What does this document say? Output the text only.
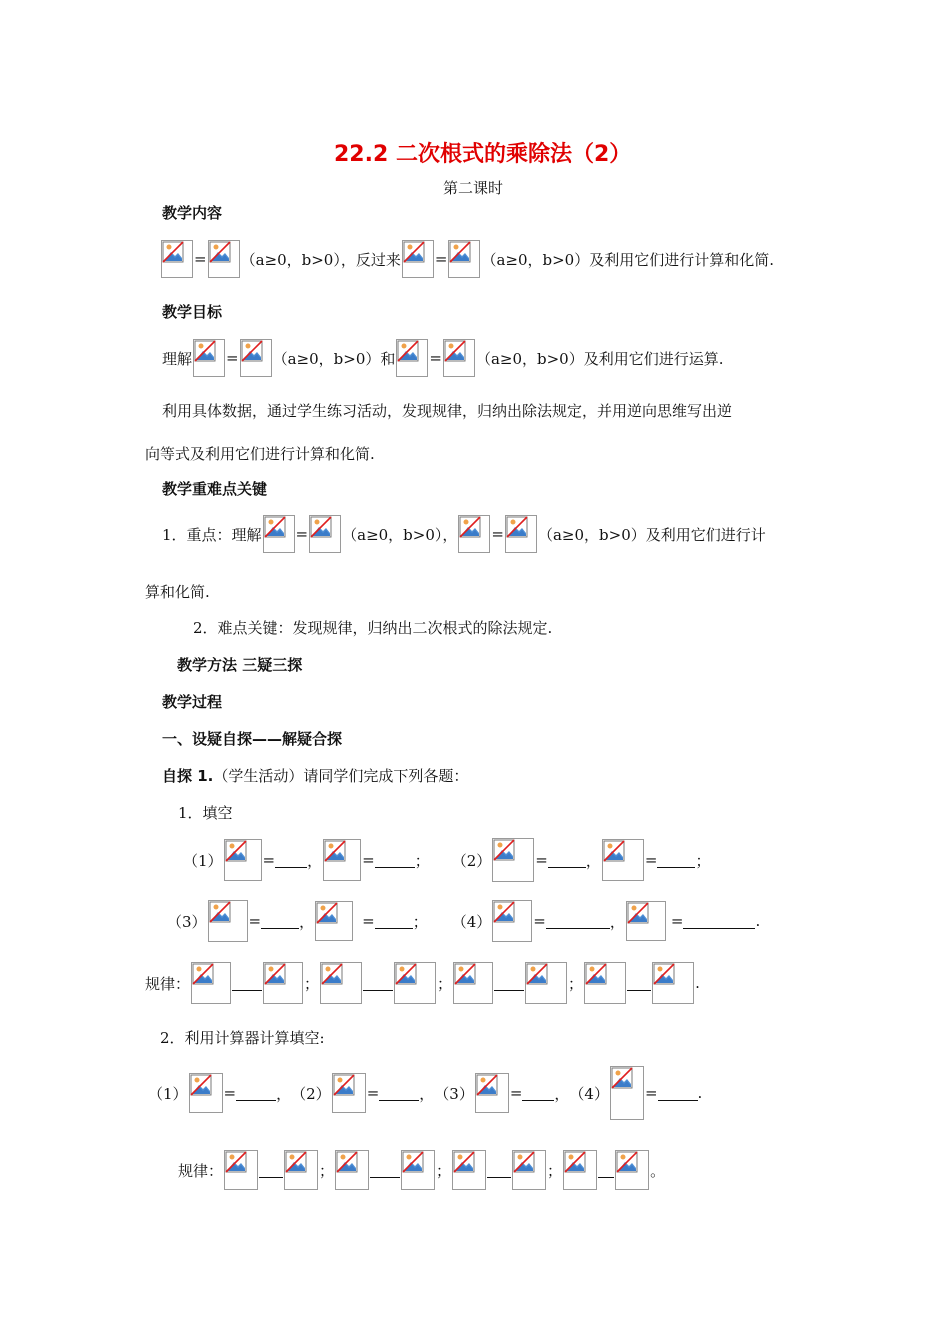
22.2 二次根式的乘除法（2）
第二课时
教学内容
= （a≥0，b>0），反过来 = （a≥0，b>0）及利用它们进行计算和化简.
教学目标
理解 = （a≥0，b>0）和 = （a≥0，b>0）及利用它们进行运算.
利用具体数据，通过学生练习活动，发现规律，归纳出除法规定，并用逆向思维写出逆
向等式及利用它们进行计算和化简.
教学重难点关键
1．重点：理解 = （a≥0，b>0）， = （a≥0，b>0）及利用它们进行计
算和化简.
2．难点关键：发现规律，归纳出二次根式的除法规定.
教学方法 三疑三探
教学过程
一、设疑自探——解疑合探
自探 1. （学生活动）请同学们完成下列各题：
1．填空
（1）	= ，	=	； （2）	=	，	=	；
（3）	=	，	=	； （4）	=	，	=	.
规律：	；	；	；	.
2．利用计算器计算填空:
（1） =	， （2） =	， （3） = ， （4） =	.
规律：	；	；	；	。
